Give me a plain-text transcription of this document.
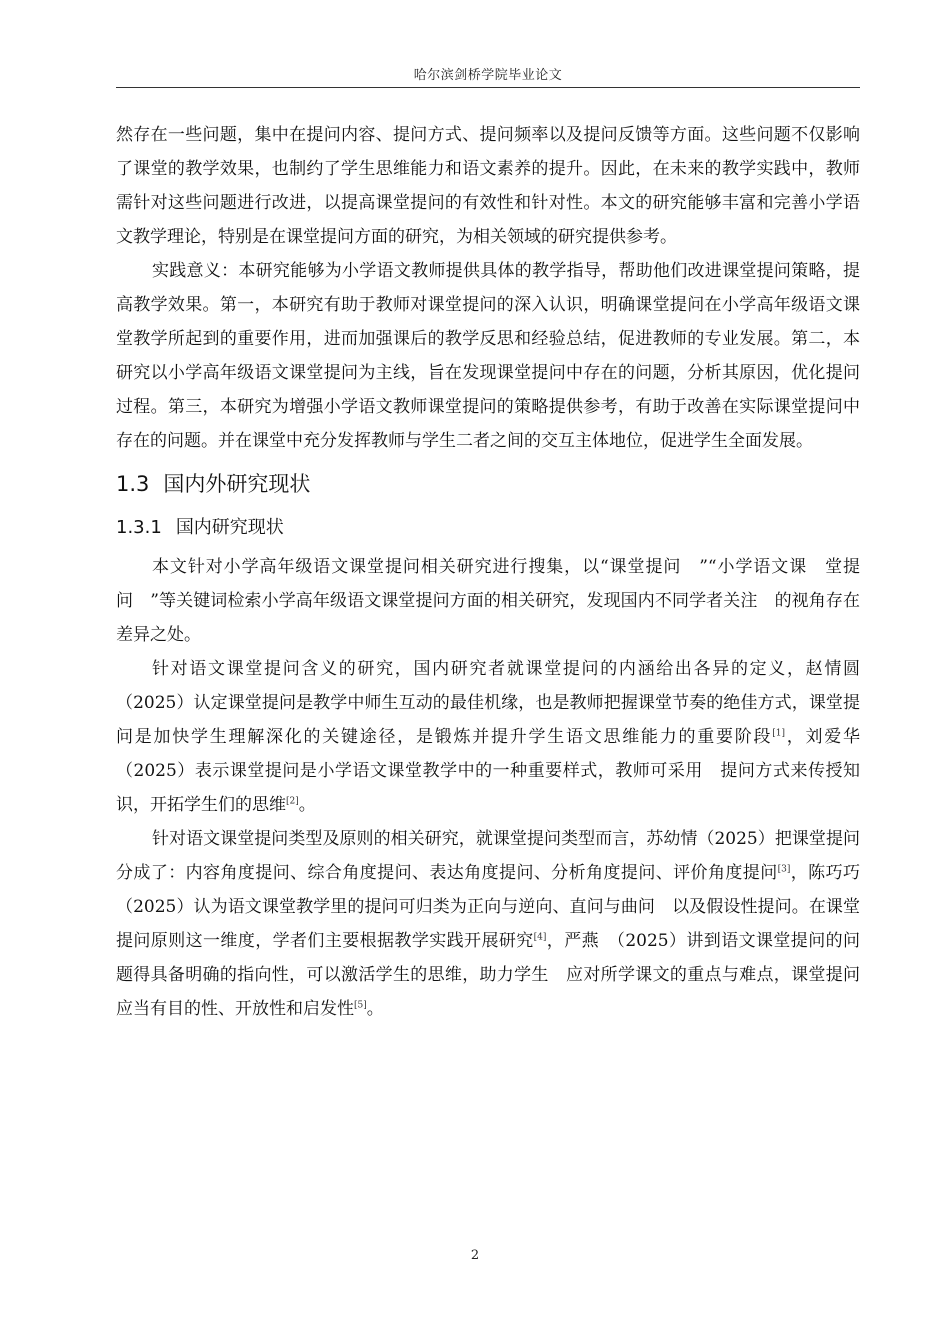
哈尔滨剑桥学院毕业论文

然存在一些问题，集中在提问内容、提问方式、提问频率以及提问反馈等方面。这些问题不仅影响了课堂的教学效果，也制约了学生思维能力和语文素养的提升。因此，在未来的教学实践中，教师需针对这些问题进行改进，以提高课堂提问的有效性和针对性。本文的研究能够丰富和完善小学语文教学理论，特别是在课堂提问方面的研究，为相关领域的研究提供参考。

实践意义：本研究能够为小学语文教师提供具体的教学指导，帮助他们改进课堂提问策略，提高教学效果。第一，本研究有助于教师对课堂提问的深入认识，明确课堂提问在小学高年级语文课堂教学所起到的重要作用，进而加强课后的教学反思和经验总结，促进教师的专业发展。第二，本研究以小学高年级语文课堂提问为主线，旨在发现课堂提问中存在的问题，分析其原因，优化提问过程。第三，本研究为增强小学语文教师课堂提问的策略提供参考，有助于改善在实际课堂提问中存在的问题。并在课堂中充分发挥教师与学生二者之间的交互主体地位，促进学生全面发展。

1.3 国内外研究现状
1.3.1 国内研究现状

本文针对小学高年级语文课堂提问相关研究进行搜集，以“课堂提问　”“小学语文课　堂提问　”等关键词检索小学高年级语文课堂提问方面的相关研究，发现国内不同学者关注　的视角存在差异之处。

针对语文课堂提问含义的研究，国内研究者就课堂提问的内涵给出各异的定义，赵情圆（2025）认定课堂提问是教学中师生互动的最佳机缘，也是教师把握课堂节奏的绝佳方式，课堂提问是加快学生理解深化的关键途径，是锻炼并提升学生语文思维能力的重要阶段[1]，刘爱华（2025）表示课堂提问是小学语文课堂教学中的一种重要样式，教师可采用　提问方式来传授知识，开拓学生们的思维[2]。

针对语文课堂提问类型及原则的相关研究，就课堂提问类型而言，苏幼情（2025）把课堂提问分成了：内容角度提问、综合角度提问、表达角度提问、分析角度提问、评价角度提问[3]，陈巧巧（2025）认为语文课堂教学里的提问可归类为正向与逆向、直问与曲问　以及假设性提问。在课堂提问原则这一维度，学者们主要根据教学实践开展研究[4]，严燕　（2025）讲到语文课堂提问的问题得具备明确的指向性，可以激活学生的思维，助力学生　应对所学课文的重点与难点，课堂提问应当有目的性、开放性和启发性[5]。

2
